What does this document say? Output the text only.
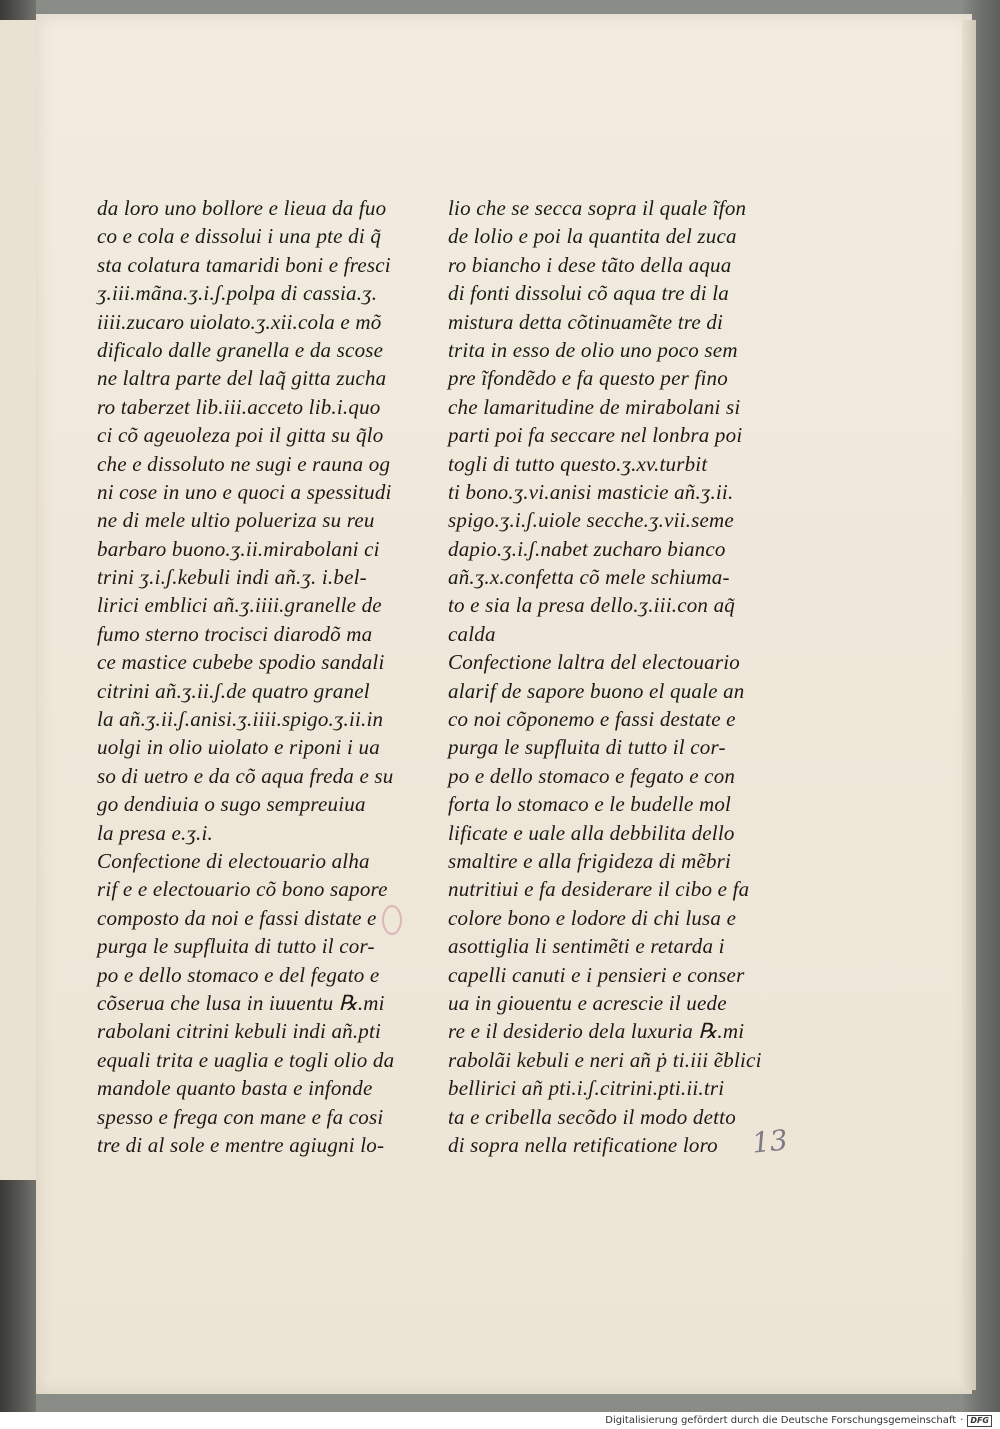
da loro uno bollore e lieua da fuo
co e cola e dissolui i una pte di q̃
sta colatura tamaridi boni e fresci
ʒ.iii.mãna.ʒ.i.ʃ.polpa di cassia.ʒ.
iiii.zucaro uiolato.ʒ.xii.cola e mõ
dificalo dalle granella e da scose
ne laltra parte del laq̃ gitta zucha
ro taberzet lib.iii.acceto lib.i.quo
ci cõ ageuoleza poi il gitta su q̃lo
che e dissoluto ne sugi e rauna og
ni cose in uno e quoci a spessitudi
ne di mele ultio polueriza su reu
barbaro buono.ʒ.ii.mirabolani ci
trini ʒ.i.ʃ.kebuli indi añ.ʒ. i.bel-
lirici emblici añ.ʒ.iiii.granelle de
fumo sterno trocisci diarodõ ma
ce mastice cubebe spodio sandali
citrini añ.ʒ.ii.ʃ.de quatro granel
la añ.ʒ.ii.ʃ.anisi.ʒ.iiii.spigo.ʒ.ii.in
uolgi in olio uiolato e riponi i ua
so di uetro e da cõ aqua freda e su
go dendiuia o sugo sempreuiua
la presa e.ʒ.i.
Confectione di electouario alha
rif e e electouario cõ bono sapore
composto da noi e fassi distate e
purga le supfluita di tutto il cor-
po e dello stomaco e del fegato e
cõserua che lusa in iuuentu ℞.mi
rabolani citrini kebuli indi añ.pti
equali trita e uaglia e togli olio da
mandole quanto basta e infonde
spesso e frega con mane e fa cosi
tre di al sole e mentre agiugni lo-
lio che se secca sopra il quale ĩfon
de lolio e poi la quantita del zuca
ro biancho i dese tãto della aqua
di fonti dissolui cõ aqua tre di la
mistura detta cõtinuamẽte tre di
trita in esso de olio uno poco sem
pre ĩfondẽdo e fa questo per fino
che lamaritudine de mirabolani si
parti poi fa seccare nel lonbra poi
togli di tutto questo.ʒ.xv.turbit
ti bono.ʒ.vi.anisi masticie añ.ʒ.ii.
spigo.ʒ.i.ʃ.uiole secche.ʒ.vii.seme
dapio.ʒ.i.ʃ.nabet zucharo bianco
añ.ʒ.x.confetta cõ mele schiuma-
to e sia la presa dello.ʒ.iii.con aq̃
calda
Confectione laltra del electouario
alarif de sapore buono el quale an
co noi cõponemo e fassi destate e
purga le supfluita di tutto il cor-
po e dello stomaco e fegato e con
forta lo stomaco e le budelle mol
lificate e uale alla debbilita dello
smaltire e alla frigideza di mẽbri
nutritiui e fa desiderare il cibo e fa
colore bono e lodore di chi lusa e
asottiglia li sentimẽti e retarda i
capelli canuti e i pensieri e conser
ua in giouentu e acrescie il uede
re e il desiderio dela luxuria ℞.mi
rabolãi kebuli e neri añ ṗ ti.iii ẽblici
bellirici añ pti.i.ʃ.citrini.pti.ii.tri
ta e cribella secõdo il modo detto
di sopra nella retificatione loro	13
Digitalisierung gefördert durch die Deutsche Forschungsgemeinschaft · DFG
